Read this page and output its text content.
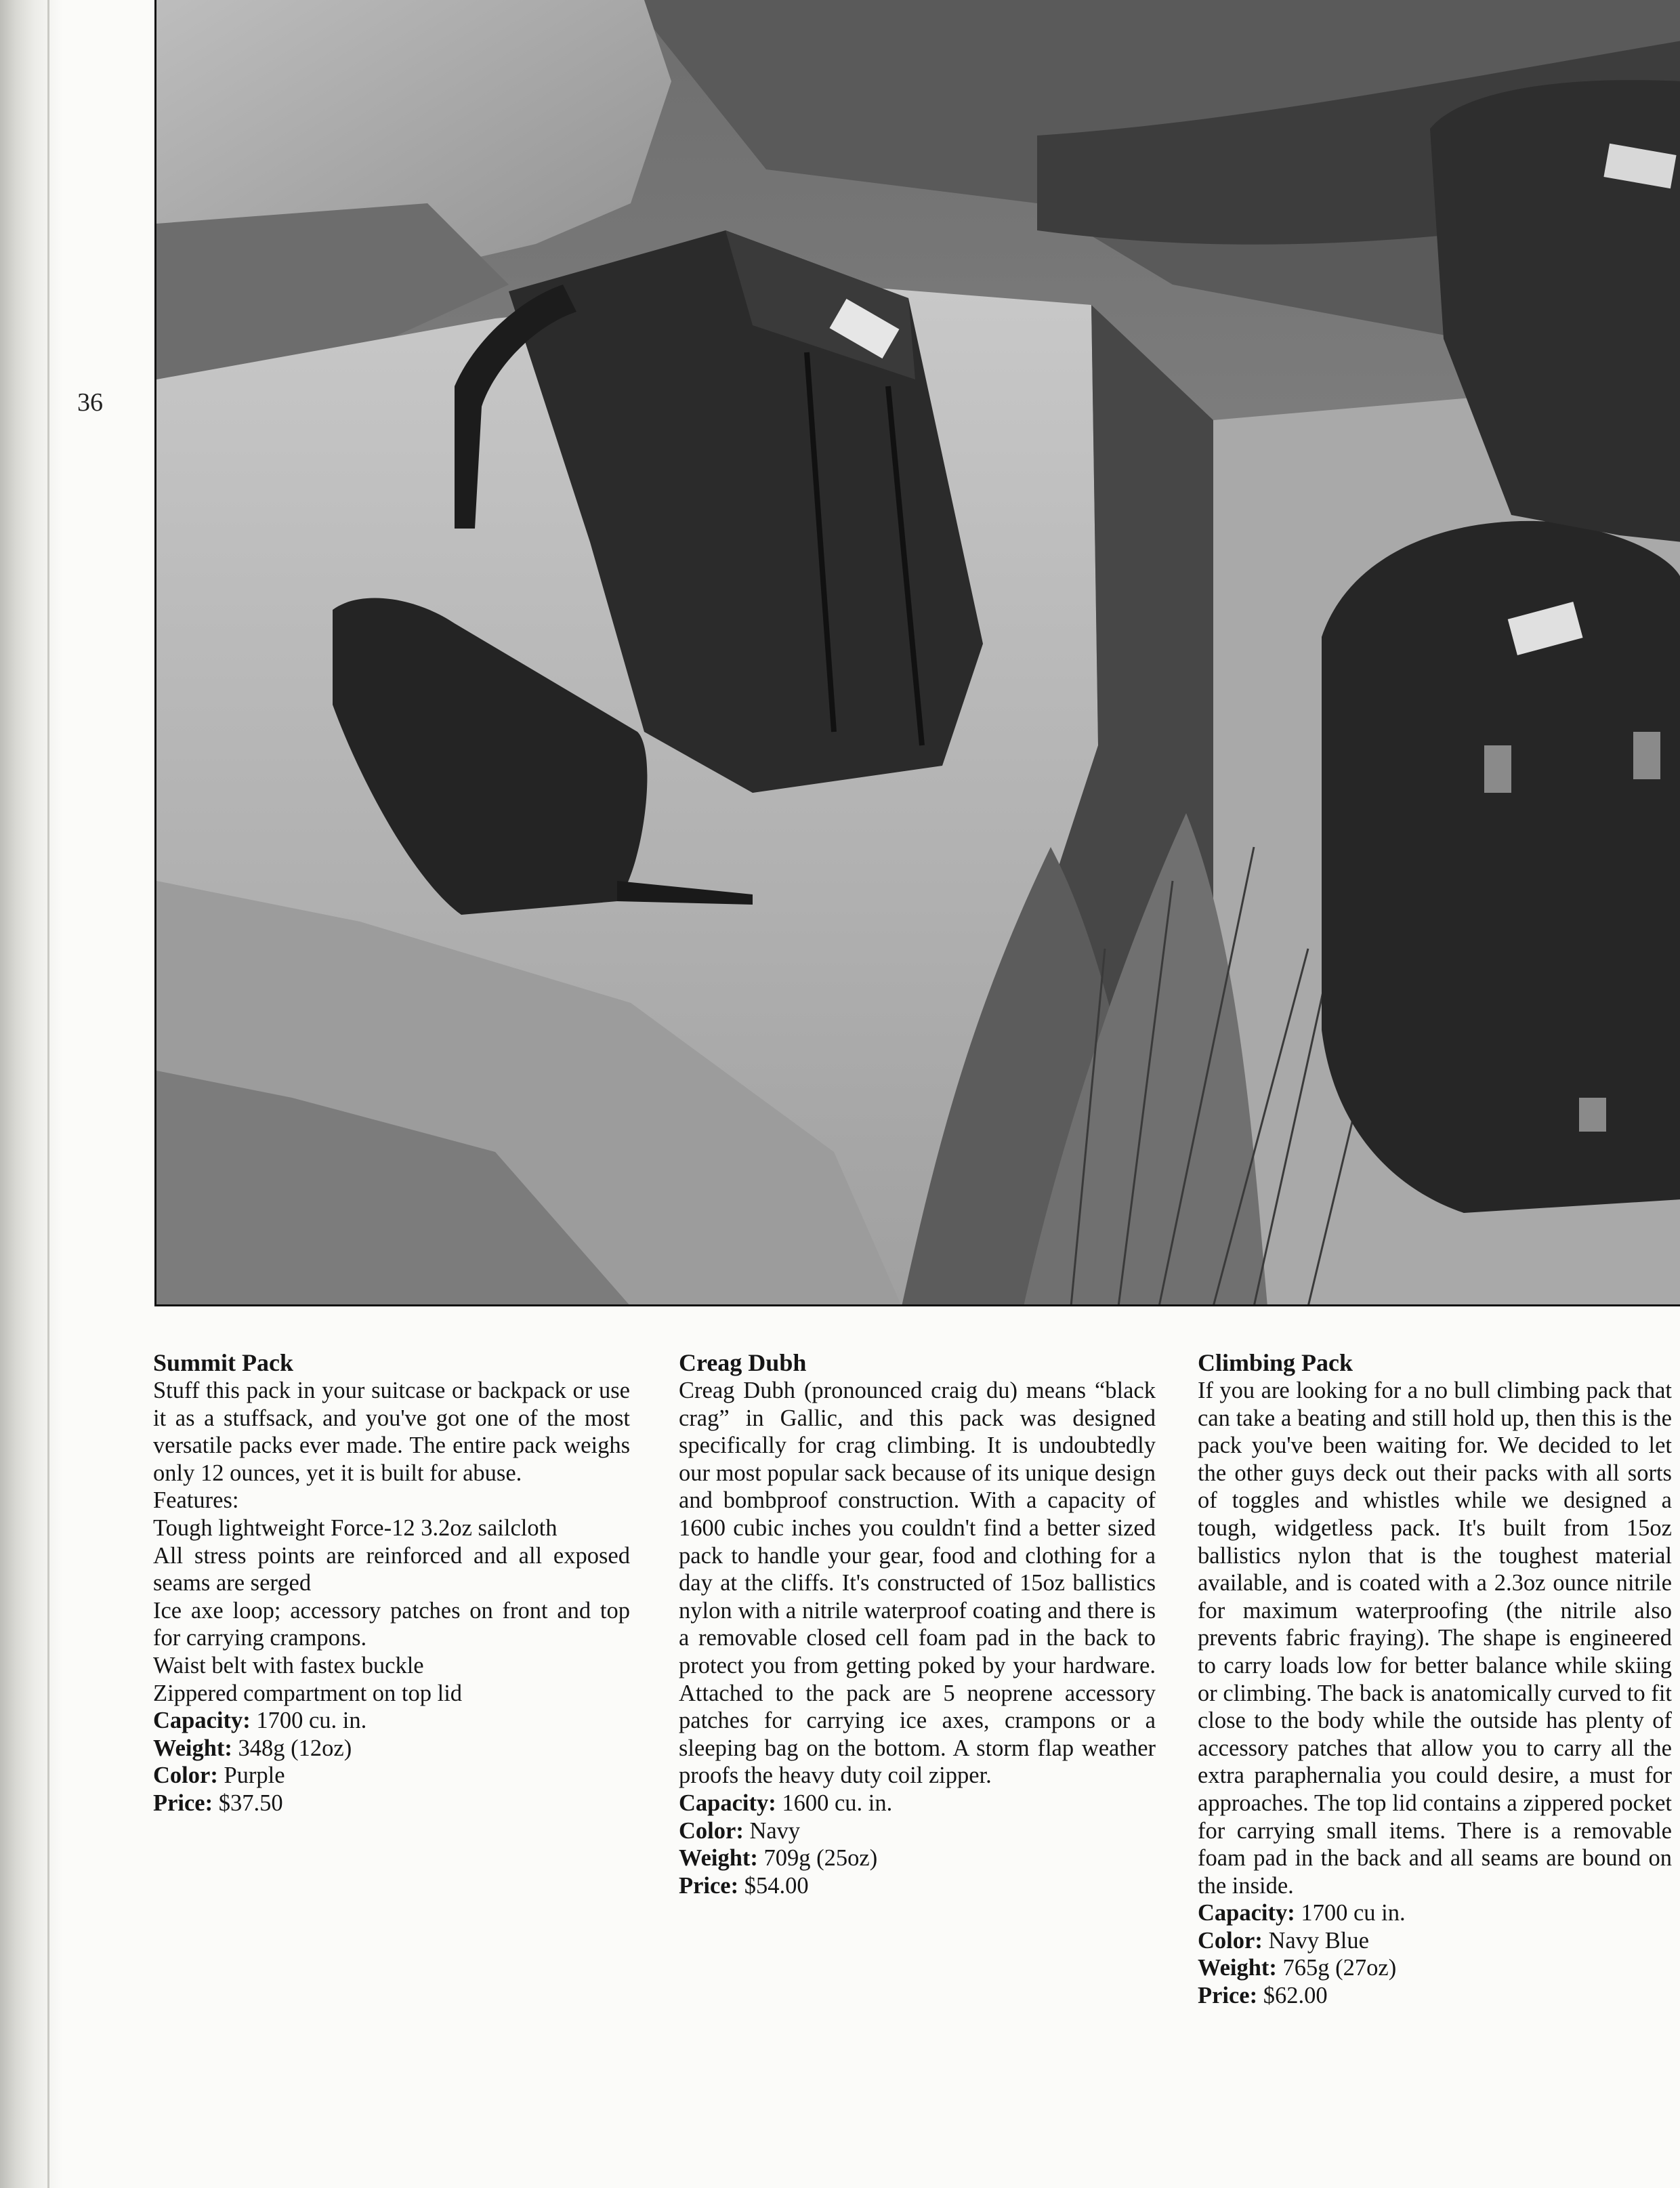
36
Summit Pack

Stuff this pack in your suitcase or backpack or use it as a stuffsack, and you've got one of the most versatile packs ever made. The entire pack weighs only 12 ounces, yet it is built for abuse.

Features:
Tough lightweight Force-12 3.2oz sailcloth

All stress points are reinforced and all exposed seams are serged

Ice axe loop; accessory patches on front and top for carrying crampons.

Waist belt with fastex buckle
Zippered compartment on top lid
Capacity: 1700 cu. in.
Weight: 348g (12oz)
Color: Purple
Price: $37.50
Creag Dubh

Creag Dubh (pronounced craig du) means “black crag” in Gallic, and this pack was designed specifically for crag climbing. It is undoubtedly our most popular sack because of its unique design and bombproof construction. With a capacity of 1600 cubic inches you couldn't find a better sized pack to handle your gear, food and clothing for a day at the cliffs. It's constructed of 15oz ballistics nylon with a nitrile waterproof coating and there is a removable closed cell foam pad in the back to protect you from getting poked by your hardware. Attached to the pack are 5 neoprene accessory patches for carrying ice axes, crampons or a sleeping bag on the bottom. A storm flap weather proofs the heavy duty coil zipper.

Capacity: 1600 cu. in.
Color: Navy
Weight: 709g (25oz)
Price: $54.00
Climbing Pack

If you are looking for a no bull climbing pack that can take a beating and still hold up, then this is the pack you've been waiting for. We decided to let the other guys deck out their packs with all sorts of toggles and whistles while we designed a tough, widgetless pack. It's built from 15oz ballistics nylon that is the toughest material available, and is coated with a 2.3oz ounce nitrile for maximum waterproofing (the nitrile also prevents fabric fraying). The shape is engineered to carry loads low for better balance while skiing or climbing. The back is anatomically curved to fit close to the body while the outside has plenty of accessory patches that allow you to carry all the extra paraphernalia you could desire, a must for approaches. The top lid contains a zippered pocket for carrying small items. There is a removable foam pad in the back and all seams are bound on the inside.

Capacity: 1700 cu in.
Color: Navy Blue
Weight: 765g (27oz)
Price: $62.00
